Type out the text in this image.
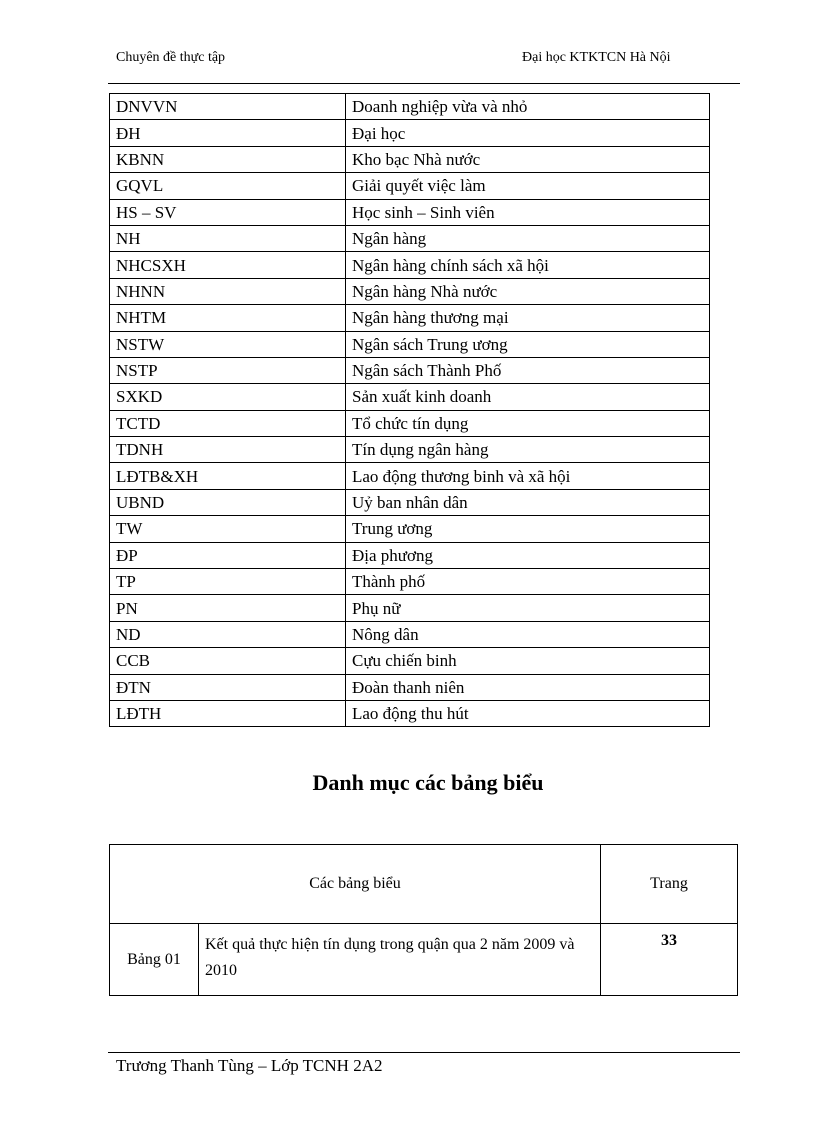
Chuyên đề thực tập	Đại học KTKTCN Hà Nội
DNVVN	Doanh nghiệp vừa và nhỏ
ĐH	Đại học
KBNN	Kho bạc Nhà nước
GQVL	Giải quyết việc làm
HS – SV	Học sinh – Sinh viên
NH	Ngân hàng
NHCSXH	Ngân hàng chính sách xã hội
NHNN	Ngân hàng Nhà nước
NHTM	Ngân hàng thương mại
NSTW	Ngân sách Trung ương
NSTP	Ngân sách Thành Phố
SXKD	Sản xuất kinh doanh
TCTD	Tổ chức tín dụng
TDNH	Tín dụng ngân hàng
LĐTB&XH	Lao động thương binh và xã hội
UBND	Uỷ ban nhân dân
TW	Trung ương
ĐP	Địa phương
TP	Thành phố
PN	Phụ nữ
ND	Nông dân
CCB	Cựu chiến binh
ĐTN	Đoàn thanh niên
LĐTH	Lao động thu hút
Danh mục các bảng biểu
Các bảng biểu		Trang
Bảng 01	Kết quả thực hiện tín dụng trong quận qua 2 năm 2009 và 2010	33
Trương Thanh Tùng – Lớp TCNH 2A2
